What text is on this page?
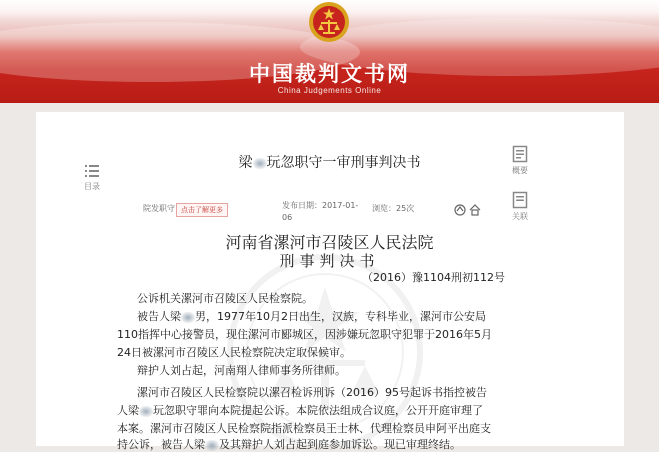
中国裁判文书网
China Judgements Online
目录
概要
关联
梁 玩忽职守一审刑事判决书
院发职守 点击了解更多	发布日期：2017-01-06
浏览：25次
河南省漯河市召陵区人民法院
刑事判决书
（2016）豫1104刑初112号
公诉机关漯河市召陵区人民检察院。
被告人梁 男，1977年10月2日出生，汉族，专科毕业，漯河市公安局
110指挥中心接警员，现住漯河市郾城区，因涉嫌玩忽职守犯罪于2016年5月
24日被漯河市召陵区人民检察院决定取保候审。
辩护人刘占起，河南翔人律师事务所律师。
漯河市召陵区人民检察院以漯召检诉刑诉（2016）95号起诉书指控被告
人梁 玩忽职守罪向本院提起公诉。本院依法组成合议庭，公开开庭审理了
本案。漯河市召陵区人民检察院指派检察员王士林、代理检察员申阿平出庭支
持公诉，被告人梁 及其辩护人刘占起到庭参加诉讼。现已审理终结。
